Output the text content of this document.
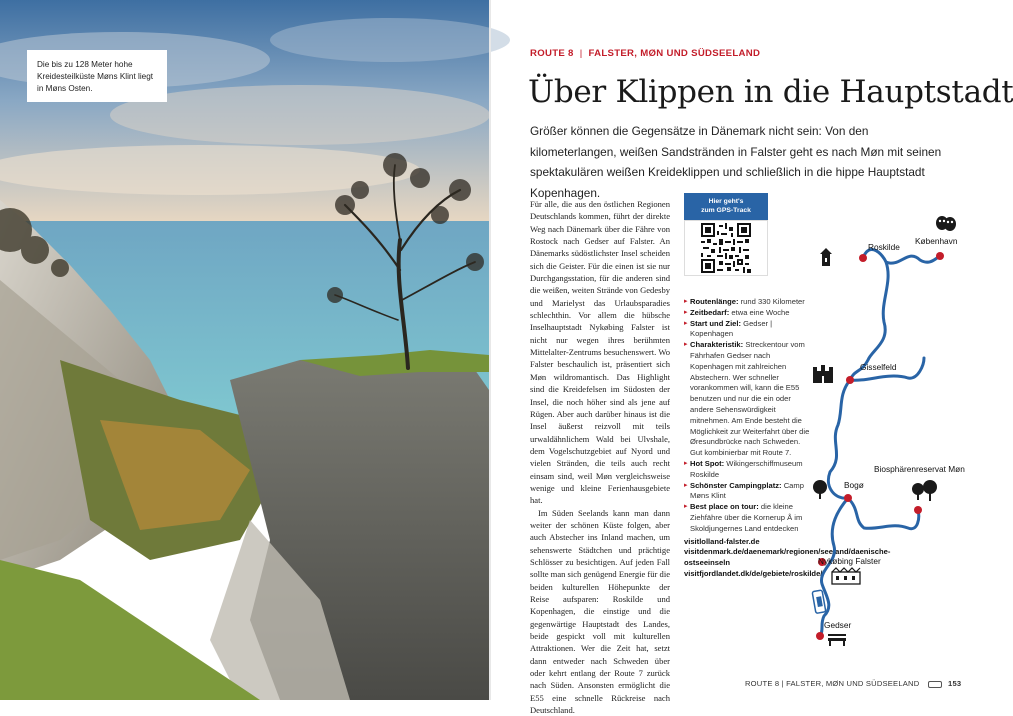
Die bis zu 128 Meter hohe Kreidesteilküste Møns Klint liegt in Møns Osten.
ROUTE 8 | FALSTER, MØN UND SÜDSEELAND
Über Klippen in die Hauptstadt

Größer können die Gegensätze in Dänemark nicht sein: Von den kilometerlangen, weißen Sandstränden in Falster geht es nach Møn mit seinen spektakulären weißen Kreideklippen und schließlich in die hippe Hauptstadt Kopenhagen.

Für alle, die aus den östlichen Regionen Deutschlands kommen, führt der direkte Weg nach Dänemark über die Fähre von Rostock nach Gedser auf Falster. An Dänemarks südöstlichster Insel scheiden sich die Geister. Für die einen ist sie nur Durchgangsstation, für die anderen sind die weißen, weiten Strände von Gedesby und Marielyst das Urlaubsparadies schlechthin. Vor allem die hübsche Inselhauptstadt Nykøbing Falster ist nicht nur wegen ihres berühmten Mittelalter-Zentrums besuchenswert. Wo Falster beschaulich ist, präsentiert sich Møn wildromantisch. Das Highlight sind die Kreidefelsen im Südosten der Insel, die noch höher sind als jene auf Rügen. Aber auch darüber hinaus ist die Insel äußerst reizvoll mit teils urwaldähnlichem Wald bei Ulvshale, dem Vogelschutzgebiet auf Nyord und vielen Stränden, die teils auch recht einsam sind, weil Møn vergleichsweise wenige und kleine Ferienhausgebiete hat.

Im Süden Seelands kann man dann weiter der schönen Küste folgen, aber auch Abstecher ins Inland machen, um sehenswerte Städtchen und prächtige Schlösser zu besichtigen. Auf jeden Fall sollte man sich genügend Energie für die beiden kulturellen Höhepunkte der Reise aufsparen: Roskilde und Kopenhagen, die einstige und die gegenwärtige Hauptstadt des Landes, beide gespickt voll mit kulturellen Attraktionen. Wer die Zeit hat, setzt dann entweder nach Schweden über oder kehrt entlang der Route 7 zurück nach Süden. Ansonsten ermöglicht die E55 eine schnelle Rückreise nach Deutschland.

Hier geht's
zum GPS-Track
▸ Routenlänge: rund 330 Kilometer
▸ Zeitbedarf: etwa eine Woche
▸ Start und Ziel: Gedser | Kopenhagen
▸ Charakteristik: Streckentour vom Fährhafen Gedser nach Kopenhagen mit zahlreichen Abstechern. Wer schneller vorankommen will, kann die E55 benutzen und nur die ein oder andere Sehenswürdigkeit mitnehmen. Am Ende besteht die Möglichkeit zur Weiterfahrt über die Øresundbrücke nach Schweden. Gut kombinierbar mit Route 7.
▸ Hot Spot: Wikingerschiffmuseum Roskilde
▸ Schönster Campingplatz: Camp Møns Klint
▸ Best place on tour: die kleine Ziehfähre über die Kornerup Å im Skoldjungernes Land entdecken
visitlolland-falster.de
visitdenmark.de/daenemark/regionen/seeland/daenische-ostseeinseln
visitfjordlandet.dk/de/gebiete/roskilde/
Roskilde
København
Gisselfeld
Biosphärenreservat Møn
Bogø
Nykøbing Falster
Gedser
ROUTE 8 | FALSTER, MØN UND SÜDSEELAND	153
